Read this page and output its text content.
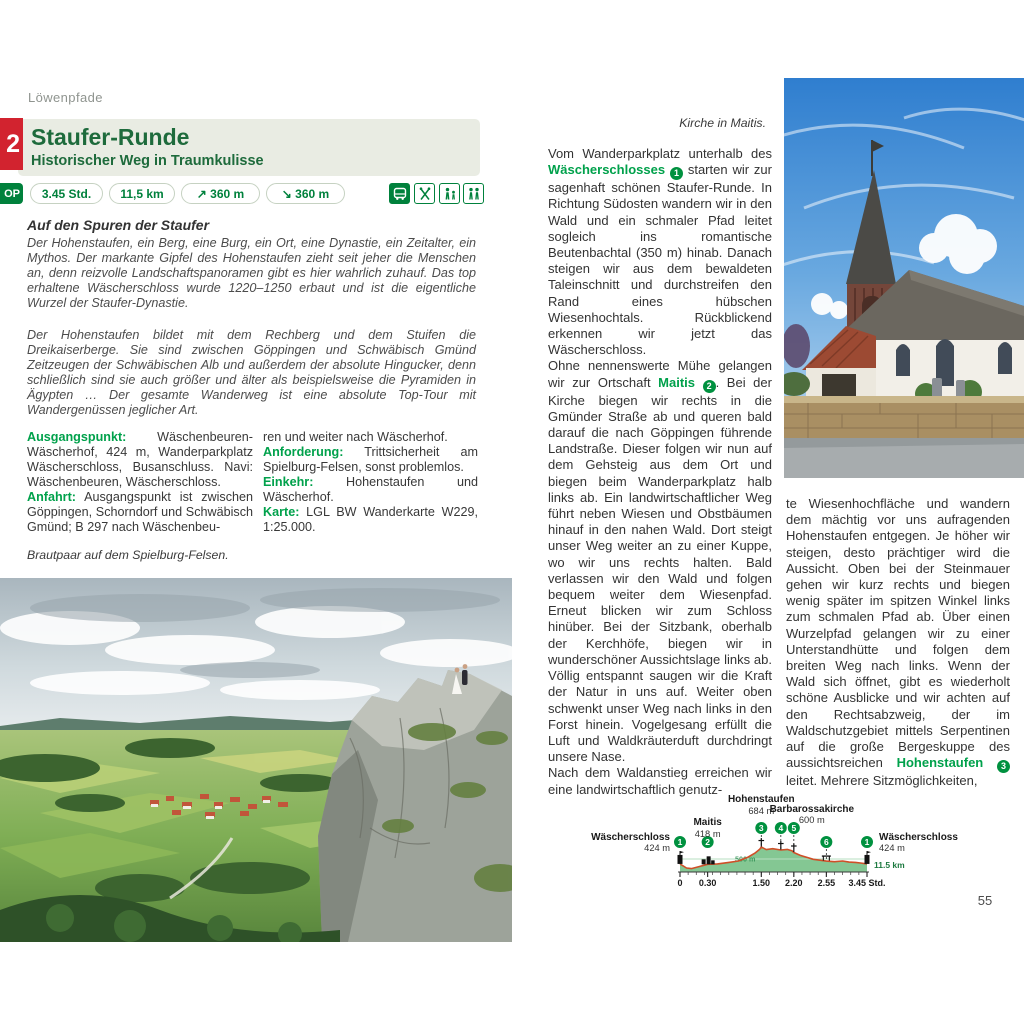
Löwenpfade
2 Staufer-Runde
Historischer Weg in Traumkulisse
OP	3.45 Std.	11,5 km	↗ 360 m	↘ 360 m
Auf den Spuren der Staufer
Der Hohenstaufen, ein Berg, eine Burg, ein Ort, eine Dynastie, ein Zeitalter, ein Mythos. Der markante Gipfel des Hohenstaufen zieht seit jeher die Menschen an, denn reizvolle Landschaftspanoramen gibt es hier wahrlich zuhauf. Das top erhaltene Wäscherschloss wurde 1220–1250 erbaut und ist die eigentliche Wurzel der Staufer-Dynastie.
Der Hohenstaufen bildet mit dem Rechberg und dem Stuifen die Dreikaiserberge. Sie sind zwischen Göppingen und Schwäbisch Gmünd Zeitzeugen der Schwäbischen Alb und außerdem der absolute Hingucker, denn schließlich sind sie auch größer und älter als beispielsweise die Pyramiden in Ägypten … Der gesamte Wanderweg ist eine absolute Top-Tour mit Wandergenüssen jeglicher Art.
Ausgangspunkt: Wäschenbeuren-Wäscherhof, 424 m, Wanderparkplatz Wäscherschloss, Busanschluss. Navi: Wäschenbeuren, Wäscherschloss.
Anfahrt: Ausgangspunkt ist zwischen Göppingen, Schorndorf und Schwäbisch Gmünd; B 297 nach Wäschenbeu-
ren und weiter nach Wäscherhof.
Anforderung: Trittsicherheit am Spielburg-Felsen, sonst problemlos.
Einkehr: Hohenstaufen und Wäscherhof.
Karte: LGL BW Wanderkarte W229, 1:25.000.
Brautpaar auf dem Spielburg-Felsen.
Kirche in Maitis.
Vom Wanderparkplatz unterhalb des Wäscherschlosses 1 starten wir zur sagenhaft schönen Staufer-Runde. In Richtung Südosten wandern wir in den Wald und ein schmaler Pfad leitet sogleich ins romantische Beutenbachtal (350 m) hinab. Danach steigen wir aus dem bewaldeten Taleinschnitt und durchstreifen den Rand eines hübschen Wiesenhochtals. Rückblickend erkennen wir jetzt das Wäscherschloss.
Ohne nennenswerte Mühe gelangen wir zur Ortschaft Maitis 2 . Bei der Kirche biegen wir rechts in die Gmünder Straße ab und queren bald darauf die nach Göppingen führende Landstraße. Dieser folgen wir nun auf dem Gehsteig aus dem Ort und biegen beim Wanderparkplatz halb links ab. Ein landwirtschaftlicher Weg führt neben Wiesen und Obstbäumen hinauf in den nahen Wald. Dort steigt unser Weg weiter an zu einer Kuppe, wo wir uns rechts halten. Bald verlassen wir den Wald und folgen bequem weiter dem Wiesenpfad. Erneut blicken wir zum Schloss hinüber. Bei der Sitzbank, oberhalb der Kerchhöfe, biegen wir in wunderschöner Aussichtslage links ab. Völlig entspannt saugen wir die Kraft der Natur in uns auf. Weiter oben schwenkt unser Weg nach links in den Forst hinein. Vogelgesang erfüllt die Luft und Waldkräuterduft durchdringt unsere Nase.
Nach dem Waldanstieg erreichen wir eine landwirtschaftlich genutz-
te Wiesenhochfläche und wandern dem mächtig vor uns aufragenden Hohenstaufen entgegen. Je höher wir steigen, desto prächtiger wird die Aussicht. Oben bei der Steinmauer gehen wir kurz rechts und biegen wenig später im spitzen Winkel links zum schmalen Pfad ab. Über einen Wurzelpfad gelangen wir zu einer Unterstandhütte und folgen dem breiten Weg nach links. Wenn der Wald sich öffnet, gibt es wiederholt schöne Ausblicke und wir achten auf den Rechtsabzweig, der im Waldschutzgebiet mittels Serpentinen auf die große Bergeskuppe des aussichtsreichen Hohenstaufen 3 leitet. Mehrere Sitzmöglichkeiten,
500 m
0 0.30	1.50 2.20 2.55 3.45 Std.
11.5 km
1
Wäscherschloss
424 m
2
Maitis
418 m
3
Hohenstaufen
684 m
4 5
Barbarossakirche
600 m
6	1 Wäscherschloss
424 m
55
